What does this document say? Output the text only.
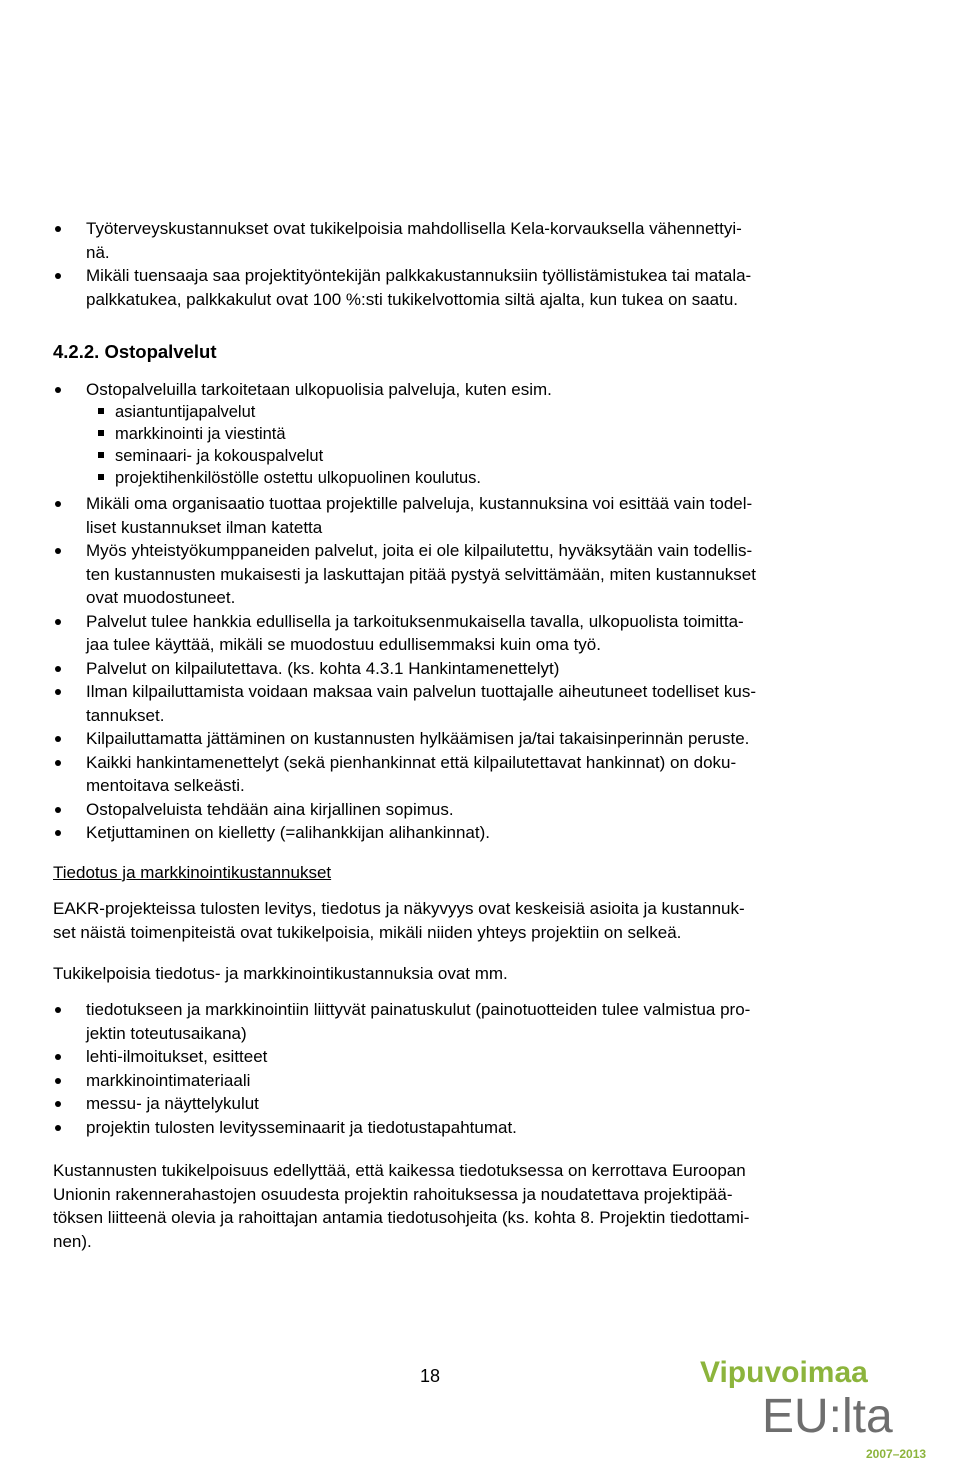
Työterveyskustannukset ovat tukikelpoisia mahdollisella Kela-korvauksella vähennettyi-
nä.
Mikäli tuensaaja saa projektityöntekijän palkkakustannuksiin työllistämistukea tai matala-
palkkatukea, palkkakulut ovat 100 %:sti tukikelvottomia siltä ajalta, kun tukea on saatu.
4.2.2. Ostopalvelut
Ostopalveluilla tarkoitetaan ulkopuolisia palveluja, kuten esim.
asiantuntijapalvelut
markkinointi ja viestintä
seminaari- ja kokouspalvelut
projektihenkilöstölle ostettu ulkopuolinen koulutus.
Mikäli oma organisaatio tuottaa projektille palveluja, kustannuksina voi esittää vain todel-
liset kustannukset ilman katetta
Myös yhteistyökumppaneiden palvelut, joita ei ole kilpailutettu, hyväksytään vain todellis-
ten kustannusten mukaisesti ja laskuttajan pitää pystyä selvittämään, miten kustannukset
ovat muodostuneet.
Palvelut tulee hankkia edullisella ja tarkoituksenmukaisella tavalla, ulkopuolista toimitta-
jaa tulee käyttää, mikäli se muodostuu edullisemmaksi kuin oma työ.
Palvelut on kilpailutettava. (ks. kohta 4.3.1 Hankintamenettelyt)
Ilman kilpailuttamista voidaan maksaa vain palvelun tuottajalle aiheutuneet todelliset kus-
tannukset.
Kilpailuttamatta jättäminen on kustannusten hylkäämisen ja/tai takaisinperinnän peruste.
Kaikki hankintamenettelyt (sekä pienhankinnat että kilpailutettavat hankinnat) on doku-
mentoitava selkeästi.
Ostopalveluista tehdään aina kirjallinen sopimus.
Ketjuttaminen on kielletty (=alihankkijan alihankinnat).

Tiedotus ja markkinointikustannukset

EAKR-projekteissa tulosten levitys, tiedotus ja näkyvyys ovat keskeisiä asioita ja kustannuk-
set näistä toimenpiteistä ovat tukikelpoisia, mikäli niiden yhteys projektiin on selkeä.

Tukikelpoisia tiedotus- ja markkinointikustannuksia ovat mm.

tiedotukseen ja markkinointiin liittyvät painatuskulut (painotuotteiden tulee valmistua pro-
jektin toteutusaikana)
lehti-ilmoitukset, esitteet
markkinointimateriaali
messu- ja näyttelykulut
projektin tulosten levitysseminaarit ja tiedotustapahtumat.

Kustannusten tukikelpoisuus edellyttää, että kaikessa tiedotuksessa on kerrottava Euroopan
Unionin rakennerahastojen osuudesta projektin rahoituksessa ja noudatettava projektipää-
töksen liitteenä olevia ja rahoittajan antamia tiedotusohjeita (ks. kohta 8. Projektin tiedottami-
nen).

18	Vipuvoimaa
EU:lta
2007–2013
